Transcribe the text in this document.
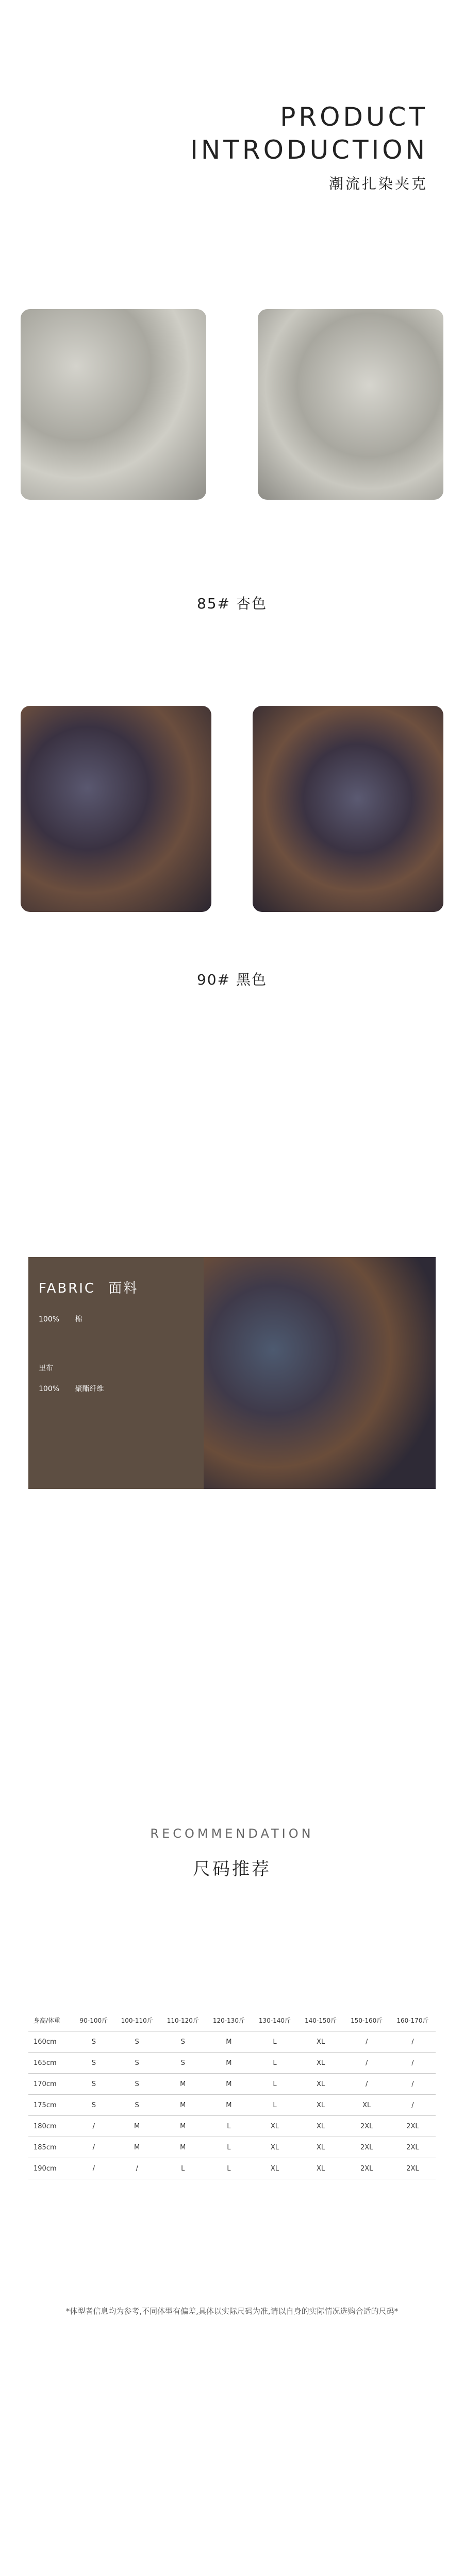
PRODUCT
INTRODUCTION
潮流扎染夹克
85# 杏色
90# 黑色
FABRIC 面料
100% 棉
里布
100% 聚酯纤维
RECOMMENDATION
尺码推荐
身高/体重	90-100斤	100-110斤	110-120斤	120-130斤	130-140斤	140-150斤	150-160斤	160-170斤
160cm	S	S	S	M	L	XL	/	/
165cm	S	S	S	M	L	XL	/	/
170cm	S	S	M	M	L	XL	/	/
175cm	S	S	M	M	L	XL	XL	/
180cm	/	M	M	L	XL	XL	2XL	2XL
185cm	/	M	M	L	XL	XL	2XL	2XL
190cm	/	/	L	L	XL	XL	2XL	2XL
*体型者信息均为参考,不同体型有偏差,具体以实际尺码为准,请以自身的实际情况选购合适的尺码*
